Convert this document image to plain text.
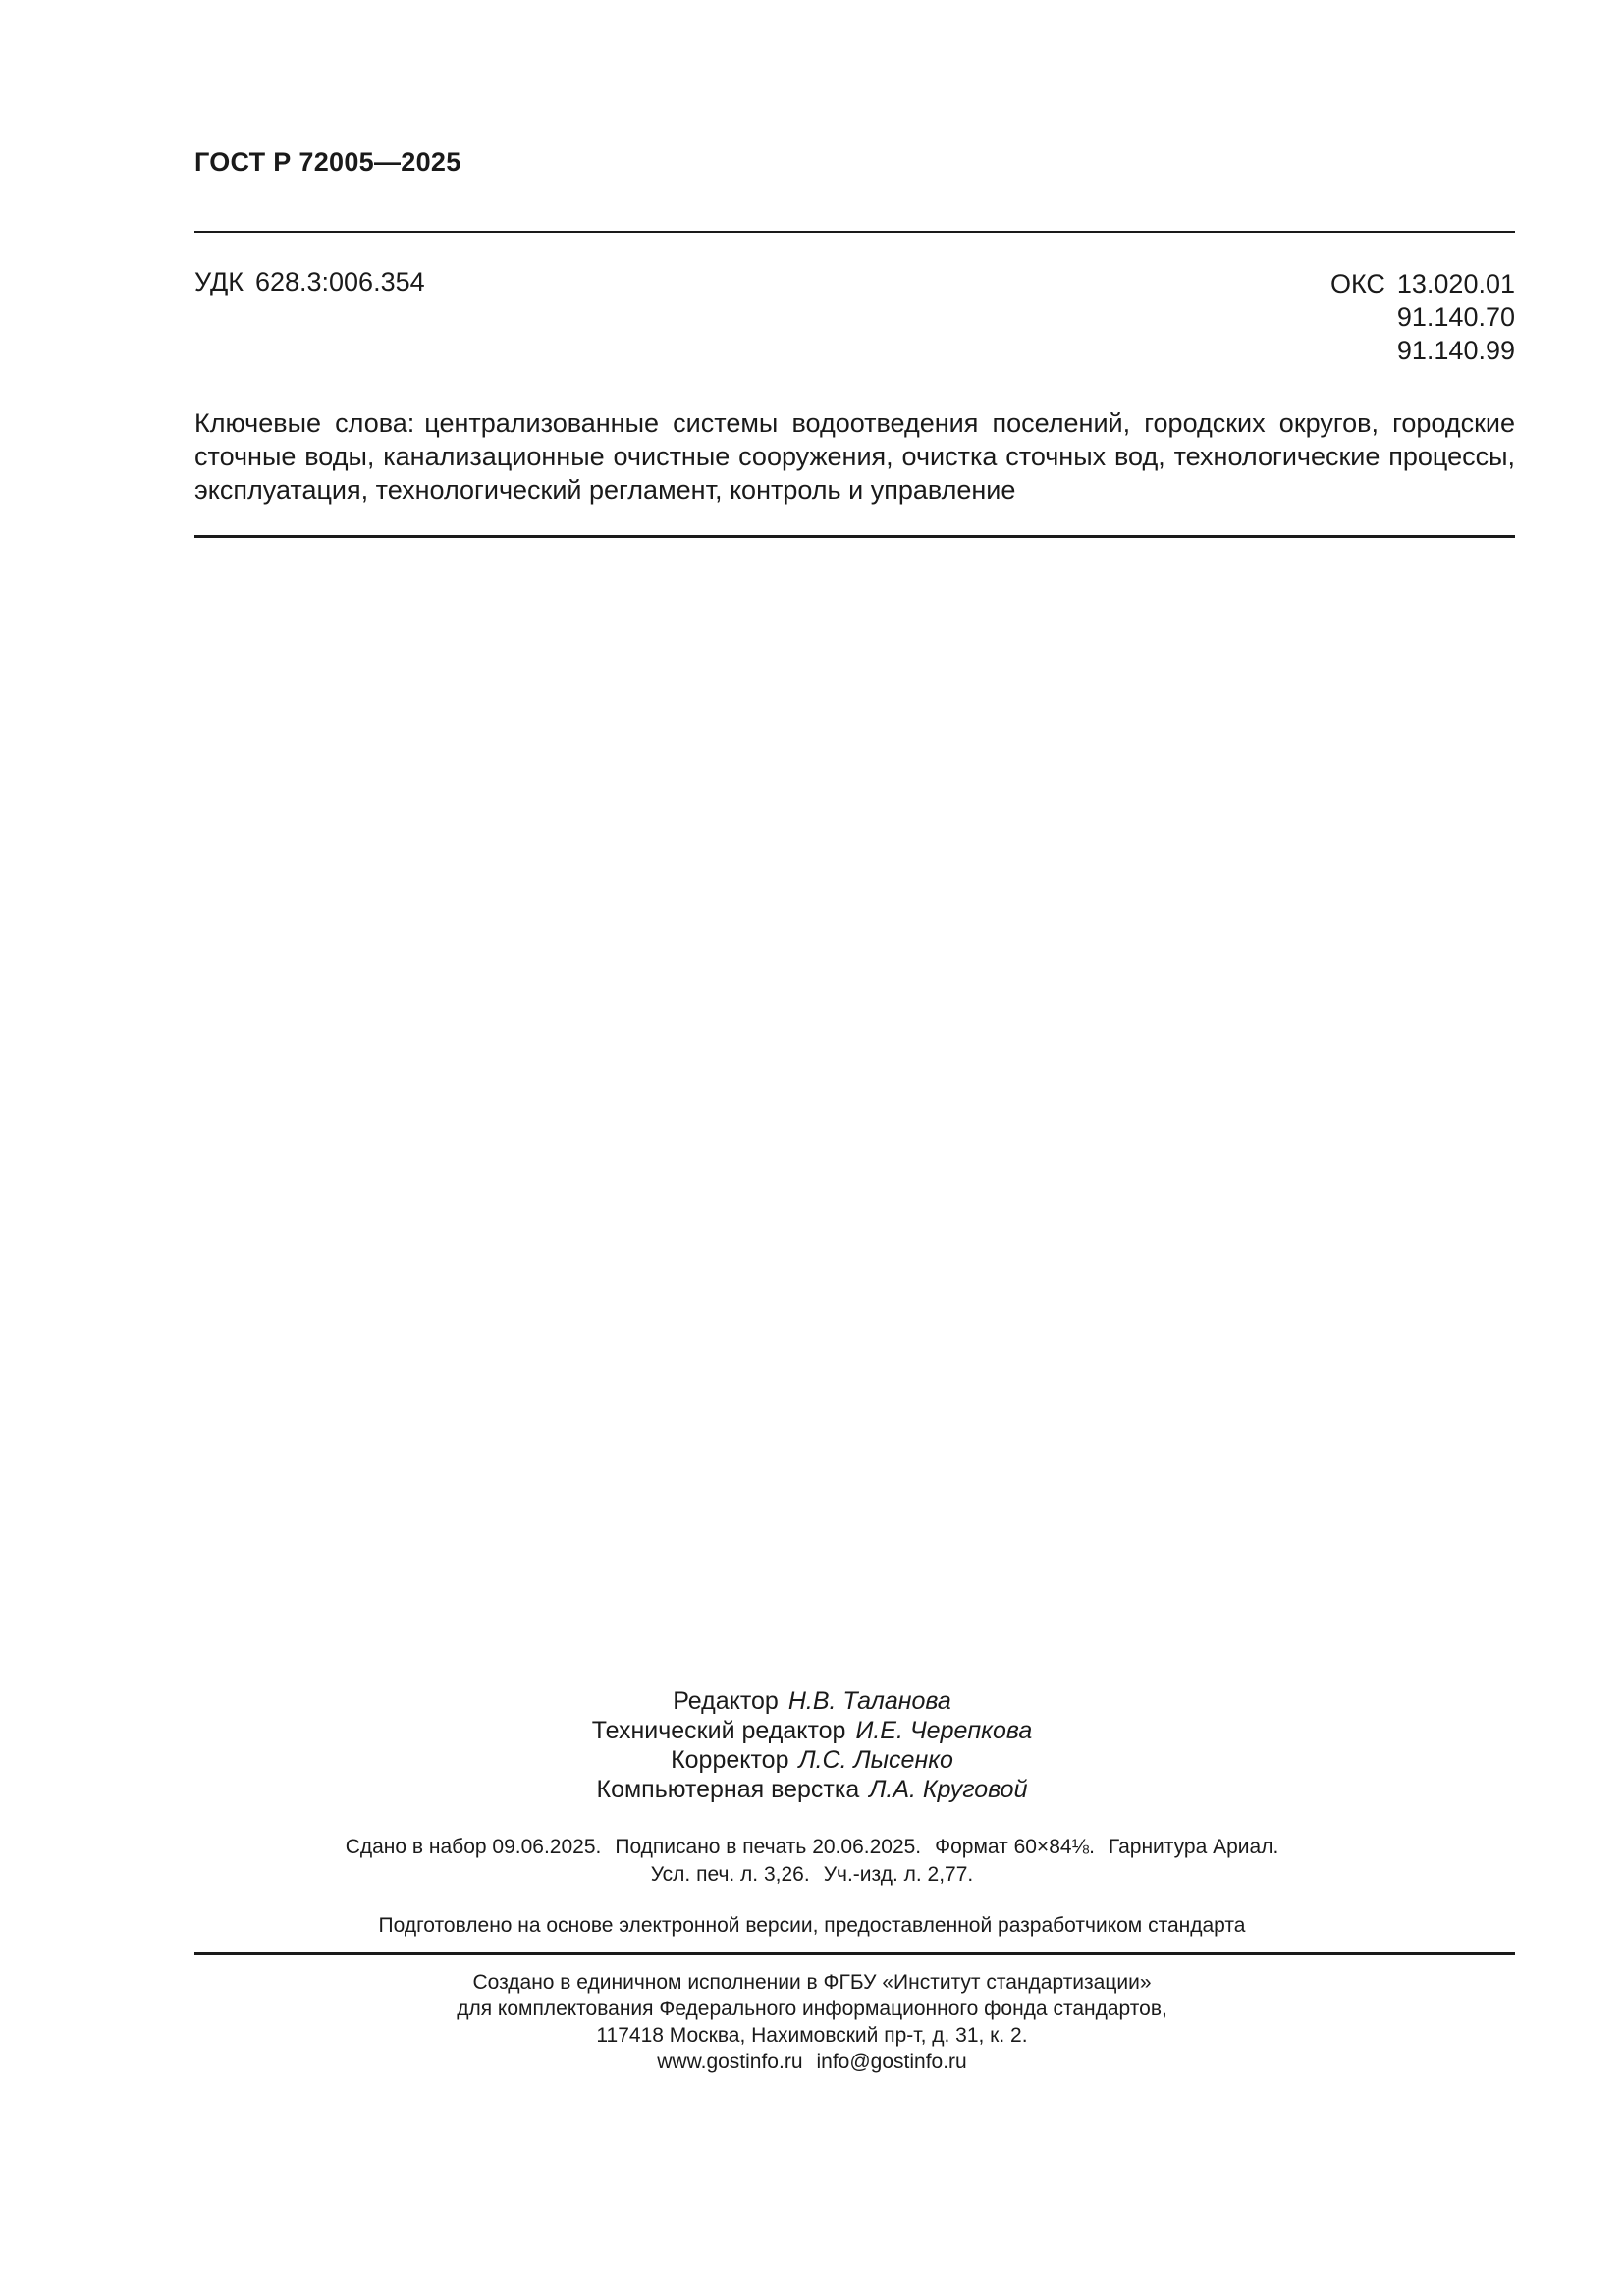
ГОСТ Р 72005—2025
УДК 628.3:006.354	ОКС 13.020.01
91.140.70
91.140.99
Ключевые слова: централизованные системы водоотведения поселений, городских округов, городские сточные воды, канализационные очистные сооружения, очистка сточных вод, технологические процессы, эксплуатация, технологический регламент, контроль и управление
Редактор Н.В. Таланова
Технический редактор И.Е. Черепкова
Корректор Л.С. Лысенко
Компьютерная верстка Л.А. Круговой
Сдано в набор 09.06.2025. Подписано в печать 20.06.2025. Формат 60×84⅛. Гарнитура Ариал.
Усл. печ. л. 3,26. Уч.-изд. л. 2,77.
Подготовлено на основе электронной версии, предоставленной разработчиком стандарта
Создано в единичном исполнении в ФГБУ «Институт стандартизации»
для комплектования Федерального информационного фонда стандартов,
117418 Москва, Нахимовский пр-т, д. 31, к. 2.
www.gostinfo.ru info@gostinfo.ru
